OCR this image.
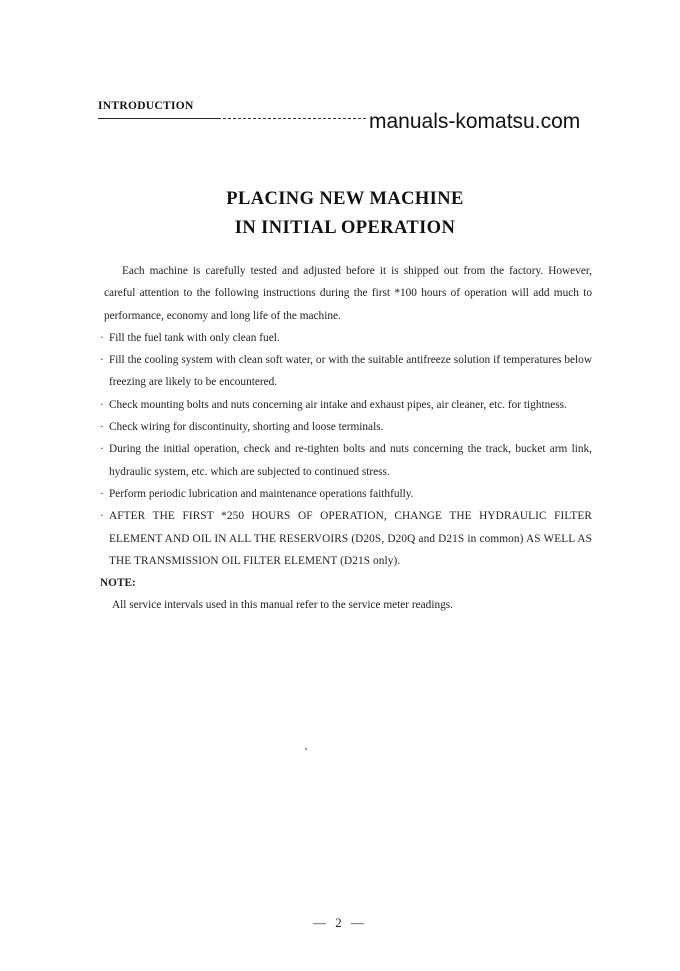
INTRODUCTION
manuals-komatsu.com
PLACING NEW MACHINE
IN INITIAL OPERATION

Each machine is carefully tested and adjusted before it is shipped out from the factory. However, careful attention to the following instructions during the first *100 hours of operation will add much to performance, economy and long life of the machine.

· Fill the fuel tank with only clean fuel.
· Fill the cooling system with clean soft water, or with the suitable antifreeze solution if temperatures below freezing are likely to be encountered.
· Check mounting bolts and nuts concerning air intake and exhaust pipes, air cleaner, etc. for tightness.
· Check wiring for discontinuity, shorting and loose terminals.
· During the initial operation, check and re-tighten bolts and nuts concerning the track, bucket arm link, hydraulic system, etc. which are subjected to continued stress.
· Perform periodic lubrication and maintenance operations faithfully.
· AFTER THE FIRST *250 HOURS OF OPERATION, CHANGE THE HYDRAULIC FILTER ELEMENT AND OIL IN ALL THE RESERVOIRS (D20S, D20Q and D21S in common) AS WELL AS THE TRANSMISSION OIL FILTER ELEMENT (D21S only).

NOTE:

All service intervals used in this manual refer to the service meter readings.

— 2 —
